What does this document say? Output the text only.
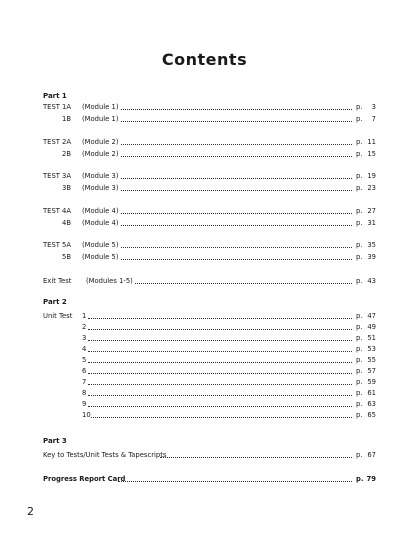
Contents
Part 1
TEST 1A (Module 1)	p. 3
1B (Module 1)	p. 7
TEST 2A (Module 2)	p. 11
2B (Module 2)	p. 15
TEST 3A (Module 3)	p. 19
3B (Module 3)	p. 23
TEST 4A (Module 4)	p. 27
4B (Module 4)	p. 31
TEST 5A (Module 5)	p. 35
5B (Module 5)	p. 39
Exit Test (Modules 1-5)	p. 43
Part 2
Unit Test 1	p. 47
2	p. 49
3	p. 51
4	p. 53
5	p. 55
6	p. 57
7	p. 59
8	p. 61
9	p. 63
10	p. 65
Part 3
Key to Tests/Unit Tests & Tapescripts	p. 67
Progress Report Card	p. 79
2
